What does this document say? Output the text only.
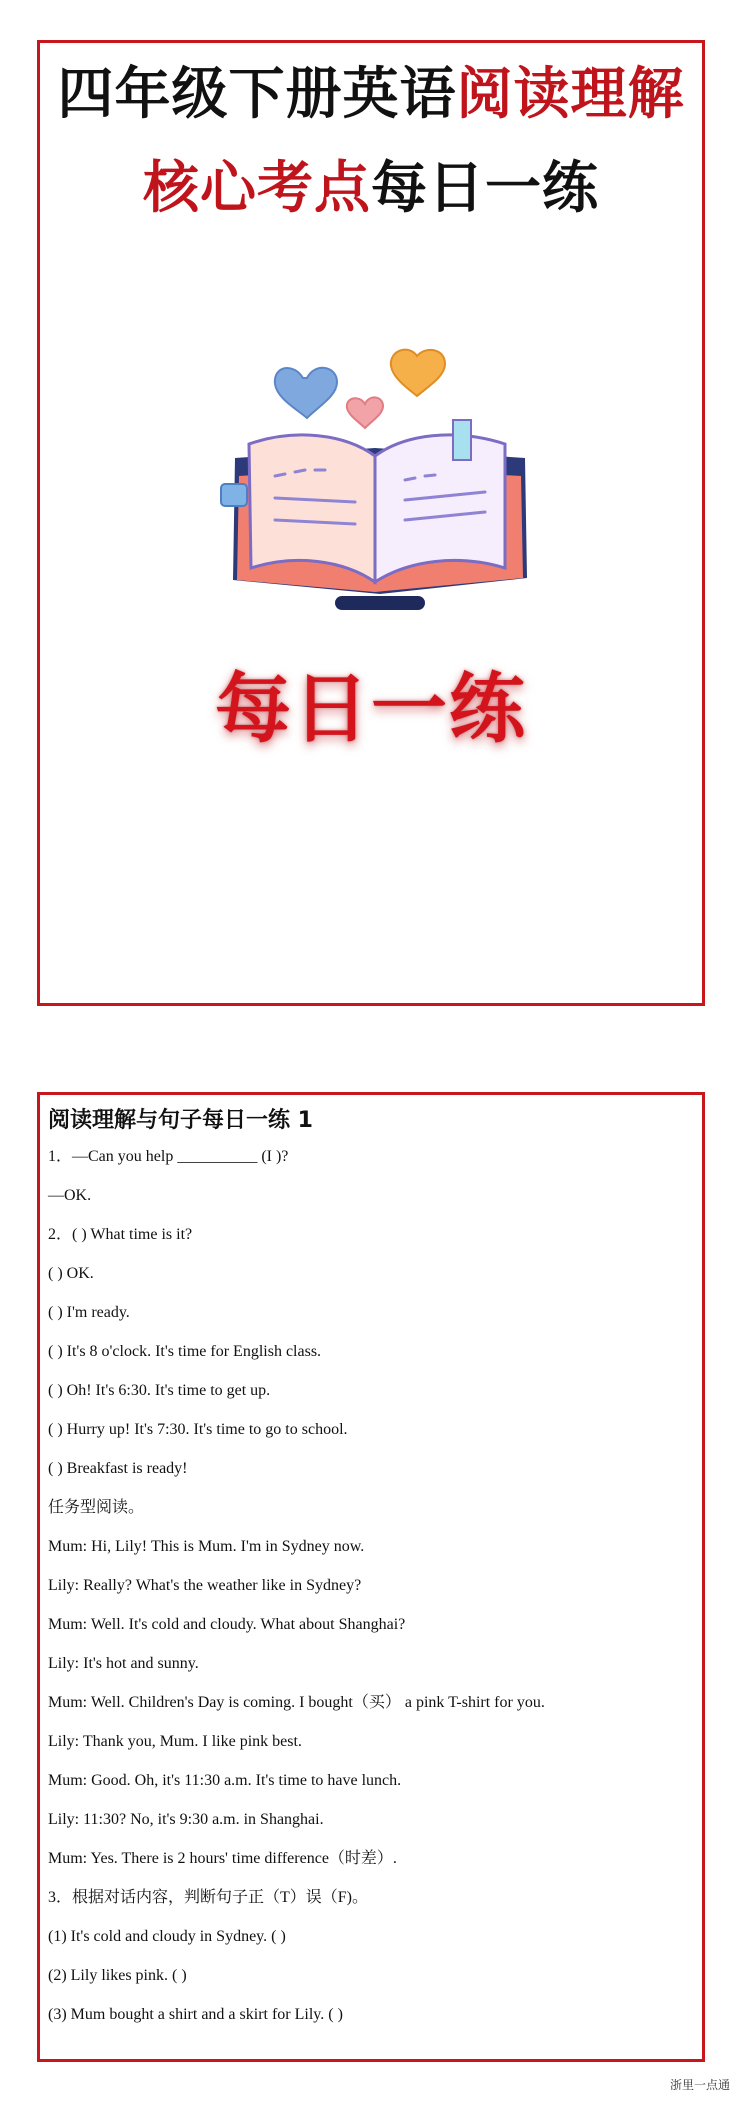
四年级下册英语阅读理解
核心考点每日一练
每日一练
阅读理解与句子每日一练 1
1．—Can you help __________ (I )?
—OK.
2．( ) What time is it?
( ) OK.
( ) I'm ready.
( ) It's 8 o'clock. It's time for English class.
( ) Oh! It's 6:30. It's time to get up.
( ) Hurry up! It's 7:30. It's time to go to school.
( ) Breakfast is ready!
任务型阅读。
Mum: Hi, Lily! This is Mum. I'm in Sydney now.
Lily: Really? What's the weather like in Sydney?
Mum: Well. It's cold and cloudy. What about Shanghai?
Lily: It's hot and sunny.
Mum: Well. Children's Day is coming. I bought（买） a pink T-shirt for you.
Lily: Thank you, Mum. I like pink best.
Mum: Good. Oh, it's 11:30 a.m. It's time to have lunch.
Lily: 11:30? No, it's 9:30 a.m. in Shanghai.
Mum: Yes. There is 2 hours' time difference（时差）.
3．根据对话内容，判断句子正（T）误（F)。
(1) It's cold and cloudy in Sydney. ( )
(2) Lily likes pink. ( )
(3) Mum bought a shirt and a skirt for Lily. ( )
浙里一点通
